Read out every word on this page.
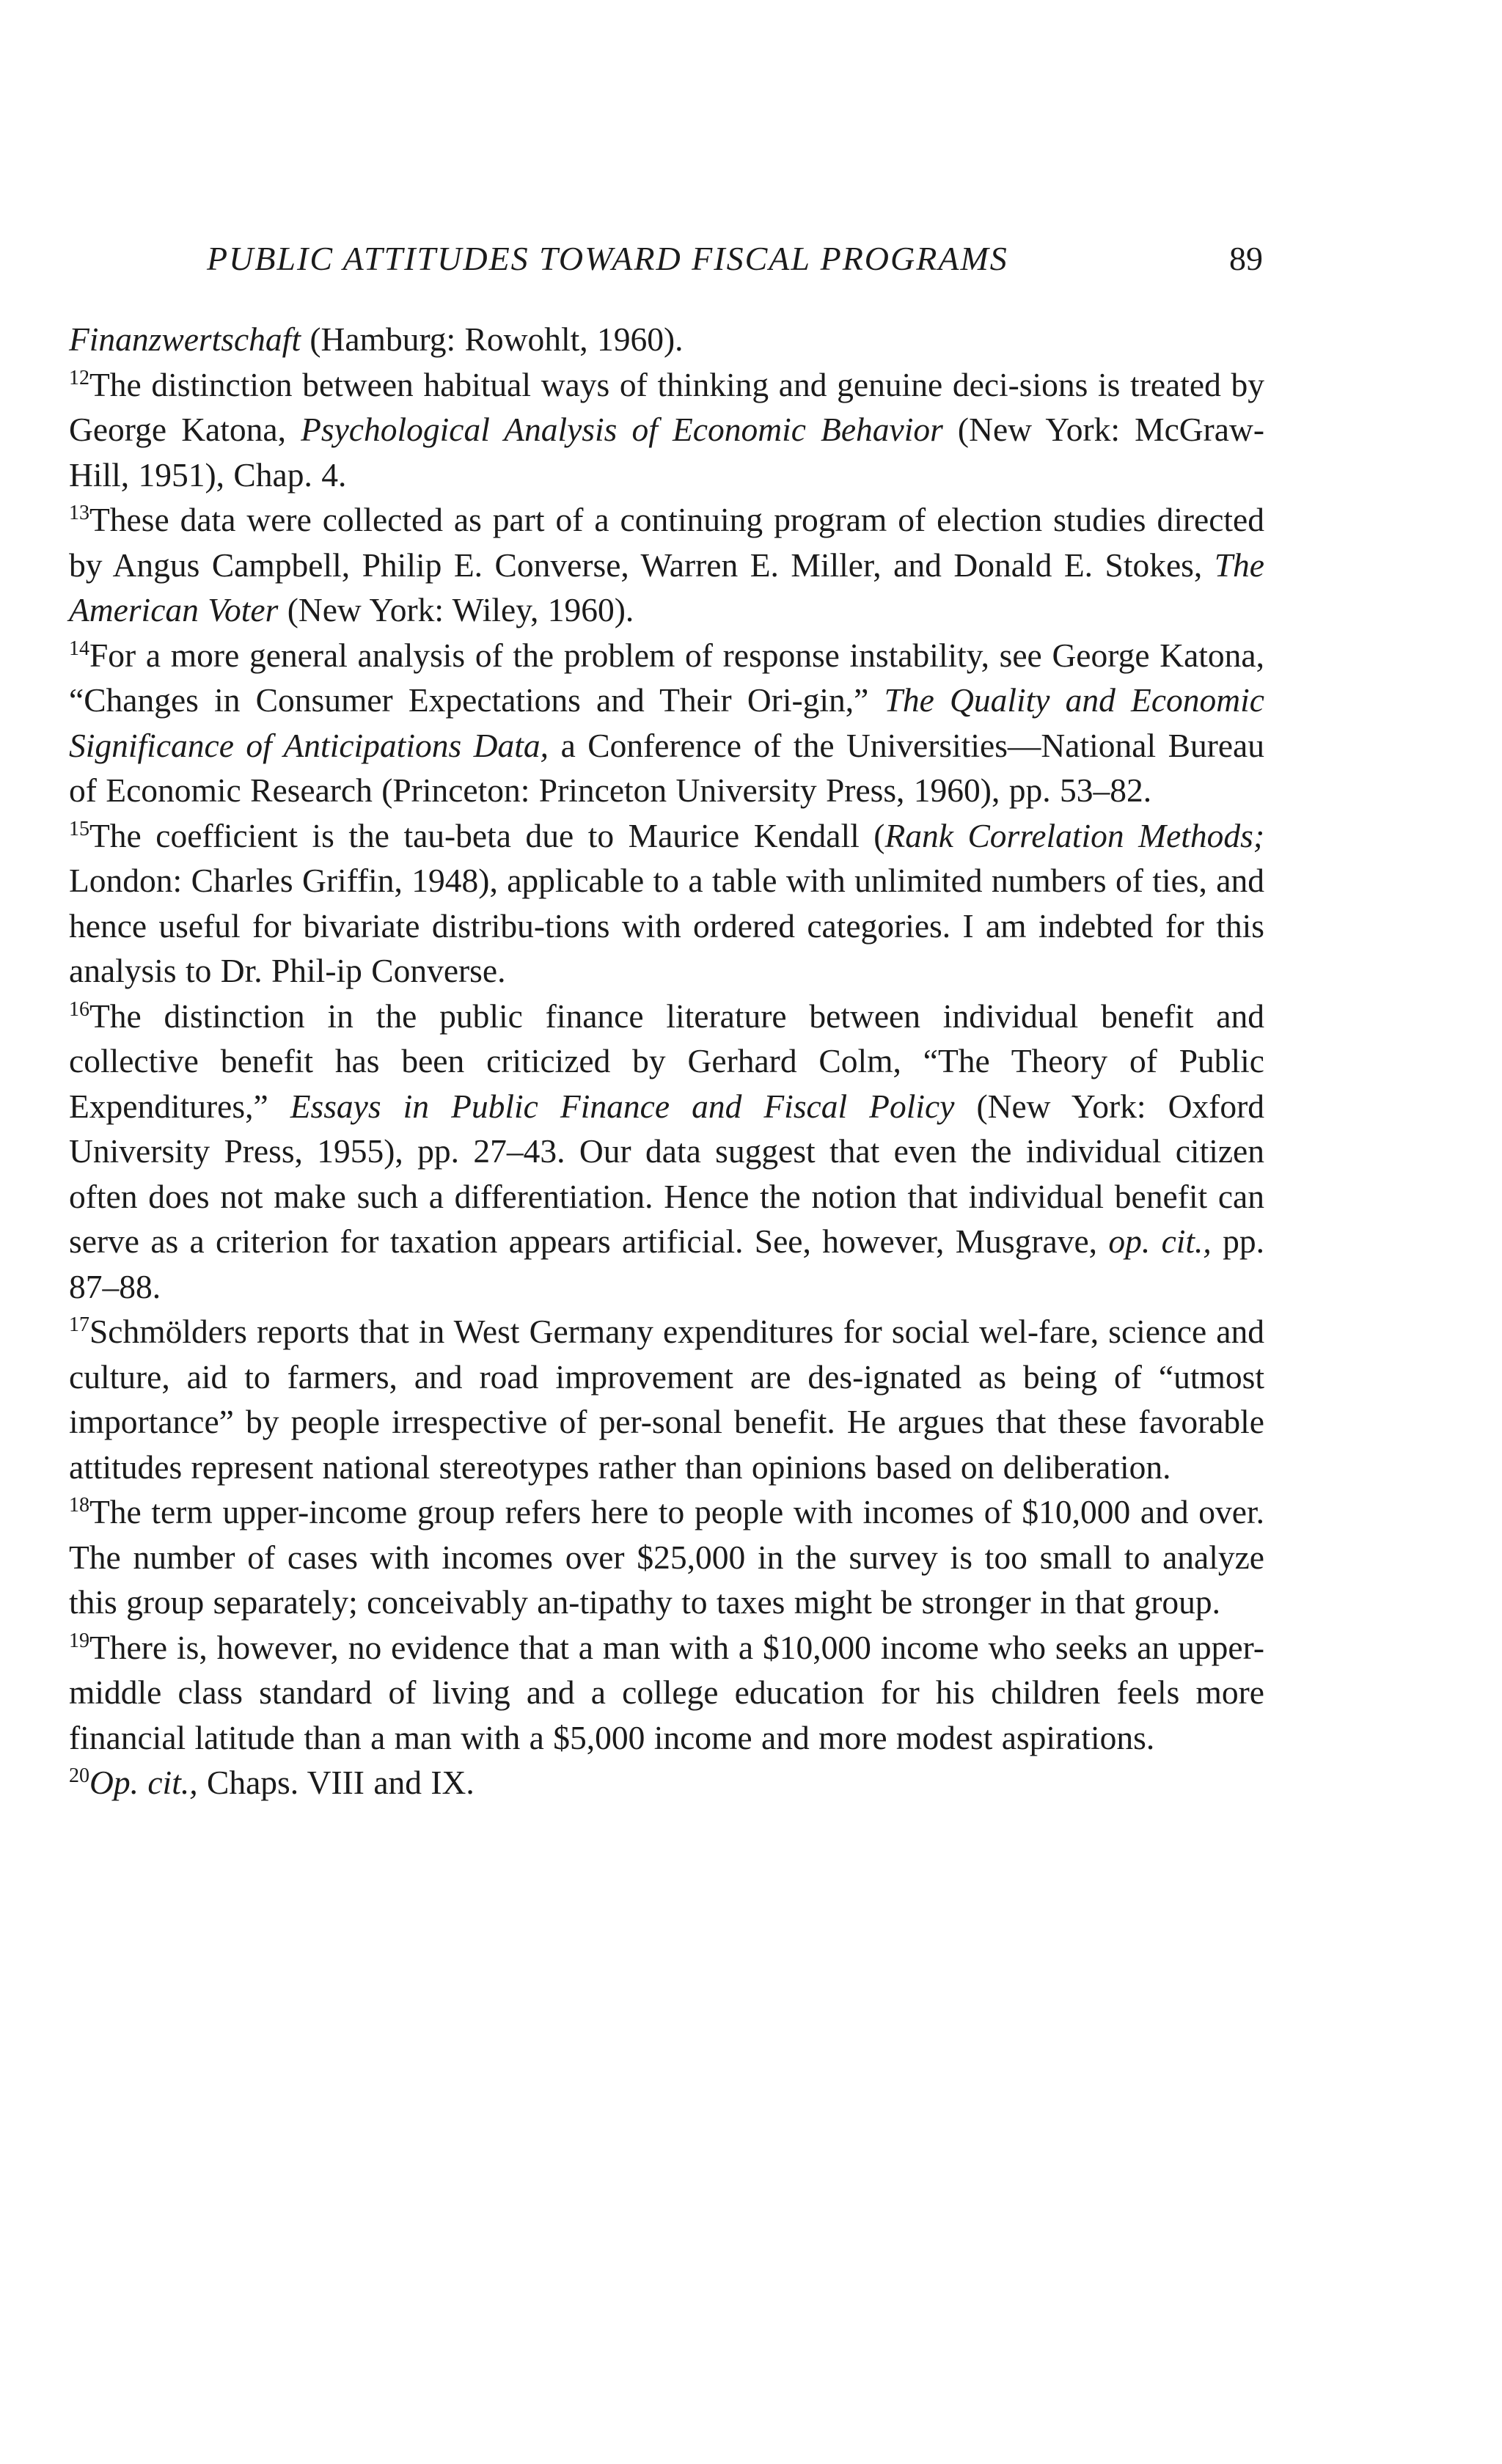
PUBLIC ATTITUDES TOWARD FISCAL PROGRAMS	89

Finanzwertschaft (Hamburg: Rowohlt, 1960).

$^{12}$The distinction between habitual ways of thinking and genuine deci-sions is treated by George Katona, Psychological Analysis of Economic Behavior (New York: McGraw-Hill, 1951), Chap. 4.

$^{13}$These data were collected as part of a continuing program of election studies directed by Angus Campbell, Philip E. Converse, Warren E. Miller, and Donald E. Stokes, The American Voter (New York: Wiley, 1960).

$^{14}$For a more general analysis of the problem of response instability, see George Katona, “Changes in Consumer Expectations and Their Ori-gin,” The Quality and Economic Significance of Anticipations Data, a Conference of the Universities—National Bureau of Economic Research (Princeton: Princeton University Press, 1960), pp. 53–82.

$^{15}$The coefficient is the tau-beta due to Maurice Kendall (Rank Correlation Methods; London: Charles Griffin, 1948), applicable to a table with unlimited numbers of ties, and hence useful for bivariate distribu-tions with ordered categories. I am indebted for this analysis to Dr. Phil-ip Converse.

$^{16}$The distinction in the public finance literature between individual benefit and collective benefit has been criticized by Gerhard Colm, “The Theory of Public Expenditures,” Essays in Public Finance and Fiscal Policy (New York: Oxford University Press, 1955), pp. 27–43. Our data suggest that even the individual citizen often does not make such a differentiation. Hence the notion that individual benefit can serve as a criterion for taxation appears artificial. See, however, Musgrave, op. cit., pp. 87–88.

$^{17}$Schmölders reports that in West Germany expenditures for social wel-fare, science and culture, aid to farmers, and road improvement are des-ignated as being of “utmost importance” by people irrespective of per-sonal benefit. He argues that these favorable attitudes represent national stereotypes rather than opinions based on deliberation.

$^{18}$The term upper-income group refers here to people with incomes of $10,000 and over. The number of cases with incomes over $25,000 in the survey is too small to analyze this group separately; conceivably an-tipathy to taxes might be stronger in that group.

$^{19}$There is, however, no evidence that a man with a $10,000 income who seeks an upper-middle class standard of living and a college education for his children feels more financial latitude than a man with a $5,000 income and more modest aspirations.

$^{20}$Op. cit., Chaps. VIII and IX.
